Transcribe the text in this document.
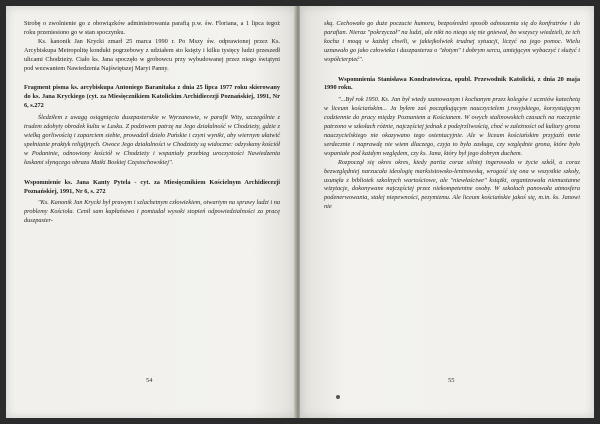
Strobę o zwolnienie go z obowiązków administrowania parafią p.w. św. Floriana, a 1 lipca tegoż roku przeniesiono go w stan spoczynku.

Ks. kanonik Jan Krycki zmarł 25 marca 1990 r. Po Mszy św. odprawionej przez Ks. Arcybiskupa Metropolitę kondukt pogrzebowy z udziałem sto księży i kilku tysięcy ludzi przeszedł ulicami Chodzieży. Ciało ks. Jana spoczęło w grobowcu przy wybudowanej przez niego świątyni pod wezwaniem Nawiedzenia Najświętszej Maryi Panny.

Fragment pisma ks. arcybiskupa Antoniego Baranitaka z dnia 25 lipca 1977 roku skierowany do ks. Jana Kryckiego (cyt. za Miesięcznikiem Katolickim Archidiecezji Poznańskiej, 1991, Nr 6, s.272

Śledziłem z uwagą osiągnięcia duszpasterskie w Wyrzanowie, w parafii Wity, szczególnie z trudem zdobyty obrodek kultu w Lasku. Z podziwem patrzę na Jego działalność w Chodzieży, gdzie z wielką gorliwością i zaparciem siebie, prowadził dzieło Pańskie i czyni wyniki, aby wiernym ułatwić spełnianie praktyk religijnych. Owoce Jego działalności w Chodzieży są widoczne: odzyskany kościół w Podaninie, odnowiony kościół w Chodzieży i wspaniały przebieg uroczystości Nawiedzenia łaskami słynącego obrazu Matki Boskiej Częstochowskiej".

Wspomnienie ks. Jana Kanty Pytela - cyt. za Miesięcznikiem Kościelnym Archidiecezji Poznańskiej, 1991, Nr 6, s. 272

"Ks. Kanonik Jan Krycki był prawym i szlachetnym człowiekiem, otwartym na sprawy ludzi i na problemy Kościoła. Cenił sam kapłaństwo i pomiadał wysoki stopień odpowiedzialności za pracę duszpaster-

54

ską. Cechowało go duże poczucie humoru, bezpośredni sposób odnoszenia się do konfratrów i do parafian. Nieraz "pokrzyczał" na ludzi, ale nikt no nieqo się nie gniewał, bo wszyscy wiedzieli, że ich kocha i moqą w każdej chwili, w jakiejkolwiek trudnej sytuacji, liczyć na jego pomoc. Wielu uznawało go jako człowieka i duszpasterza o "złotym" i dobrym sercu, umiejącym wybaczyć i służyć i współcierpieć".

Wspomnienia Stanisława Kondratowicza, opubl. Przewodnik Katolicki, z dnia 20 maja 1990 roku.

"...Był rok 1950. Ks. Jan był wtedy szanowanym i kochanym przez kolegów i uczniów katechetą w liceum kościańskim... Ja byłem zaś początkującym nauczycielem j.rosyjskiego, korzystającym codziennie do pracy między Poznaniem a Kościanem. W owych stalinowskich czasach na rozczynie patrzono w szkołach różnie, najczęściej jednak z podejrzliwością, choć w zależności od kultury grona nauczycielskiego nie okazywano tego ostentacyjnie. Ale w liceum kościańskim przyjaźń mnie serdecznie i naprawdę nie wiem dlaczego, czyja to była zasługa, czy względnie grona, które było wspaniałe pod każdym względem, czy ks. Jana, który był jego dobrym duchem.

Rozpoczął się okres okres, kiedy partia coraz silniej ingerowała w życie szkół, a coraz bezwzględniej narzucała ideologię marksistowsko-leninowską, wrogość się ona w wszystkie szkoły, usunęła z bibliotek szkolnych wartościowe, ale "niewłaściwe" książki, organizowała niemustanne wizytacje, dokonywane najczęściej przez niekompetentne osoby. W szkołach panowała atmosfera podenerwowania, stałej niepewności, pezymizmu. Ale liceum kościańskie jakoś się, m.in. ks. Janowi nie

55
